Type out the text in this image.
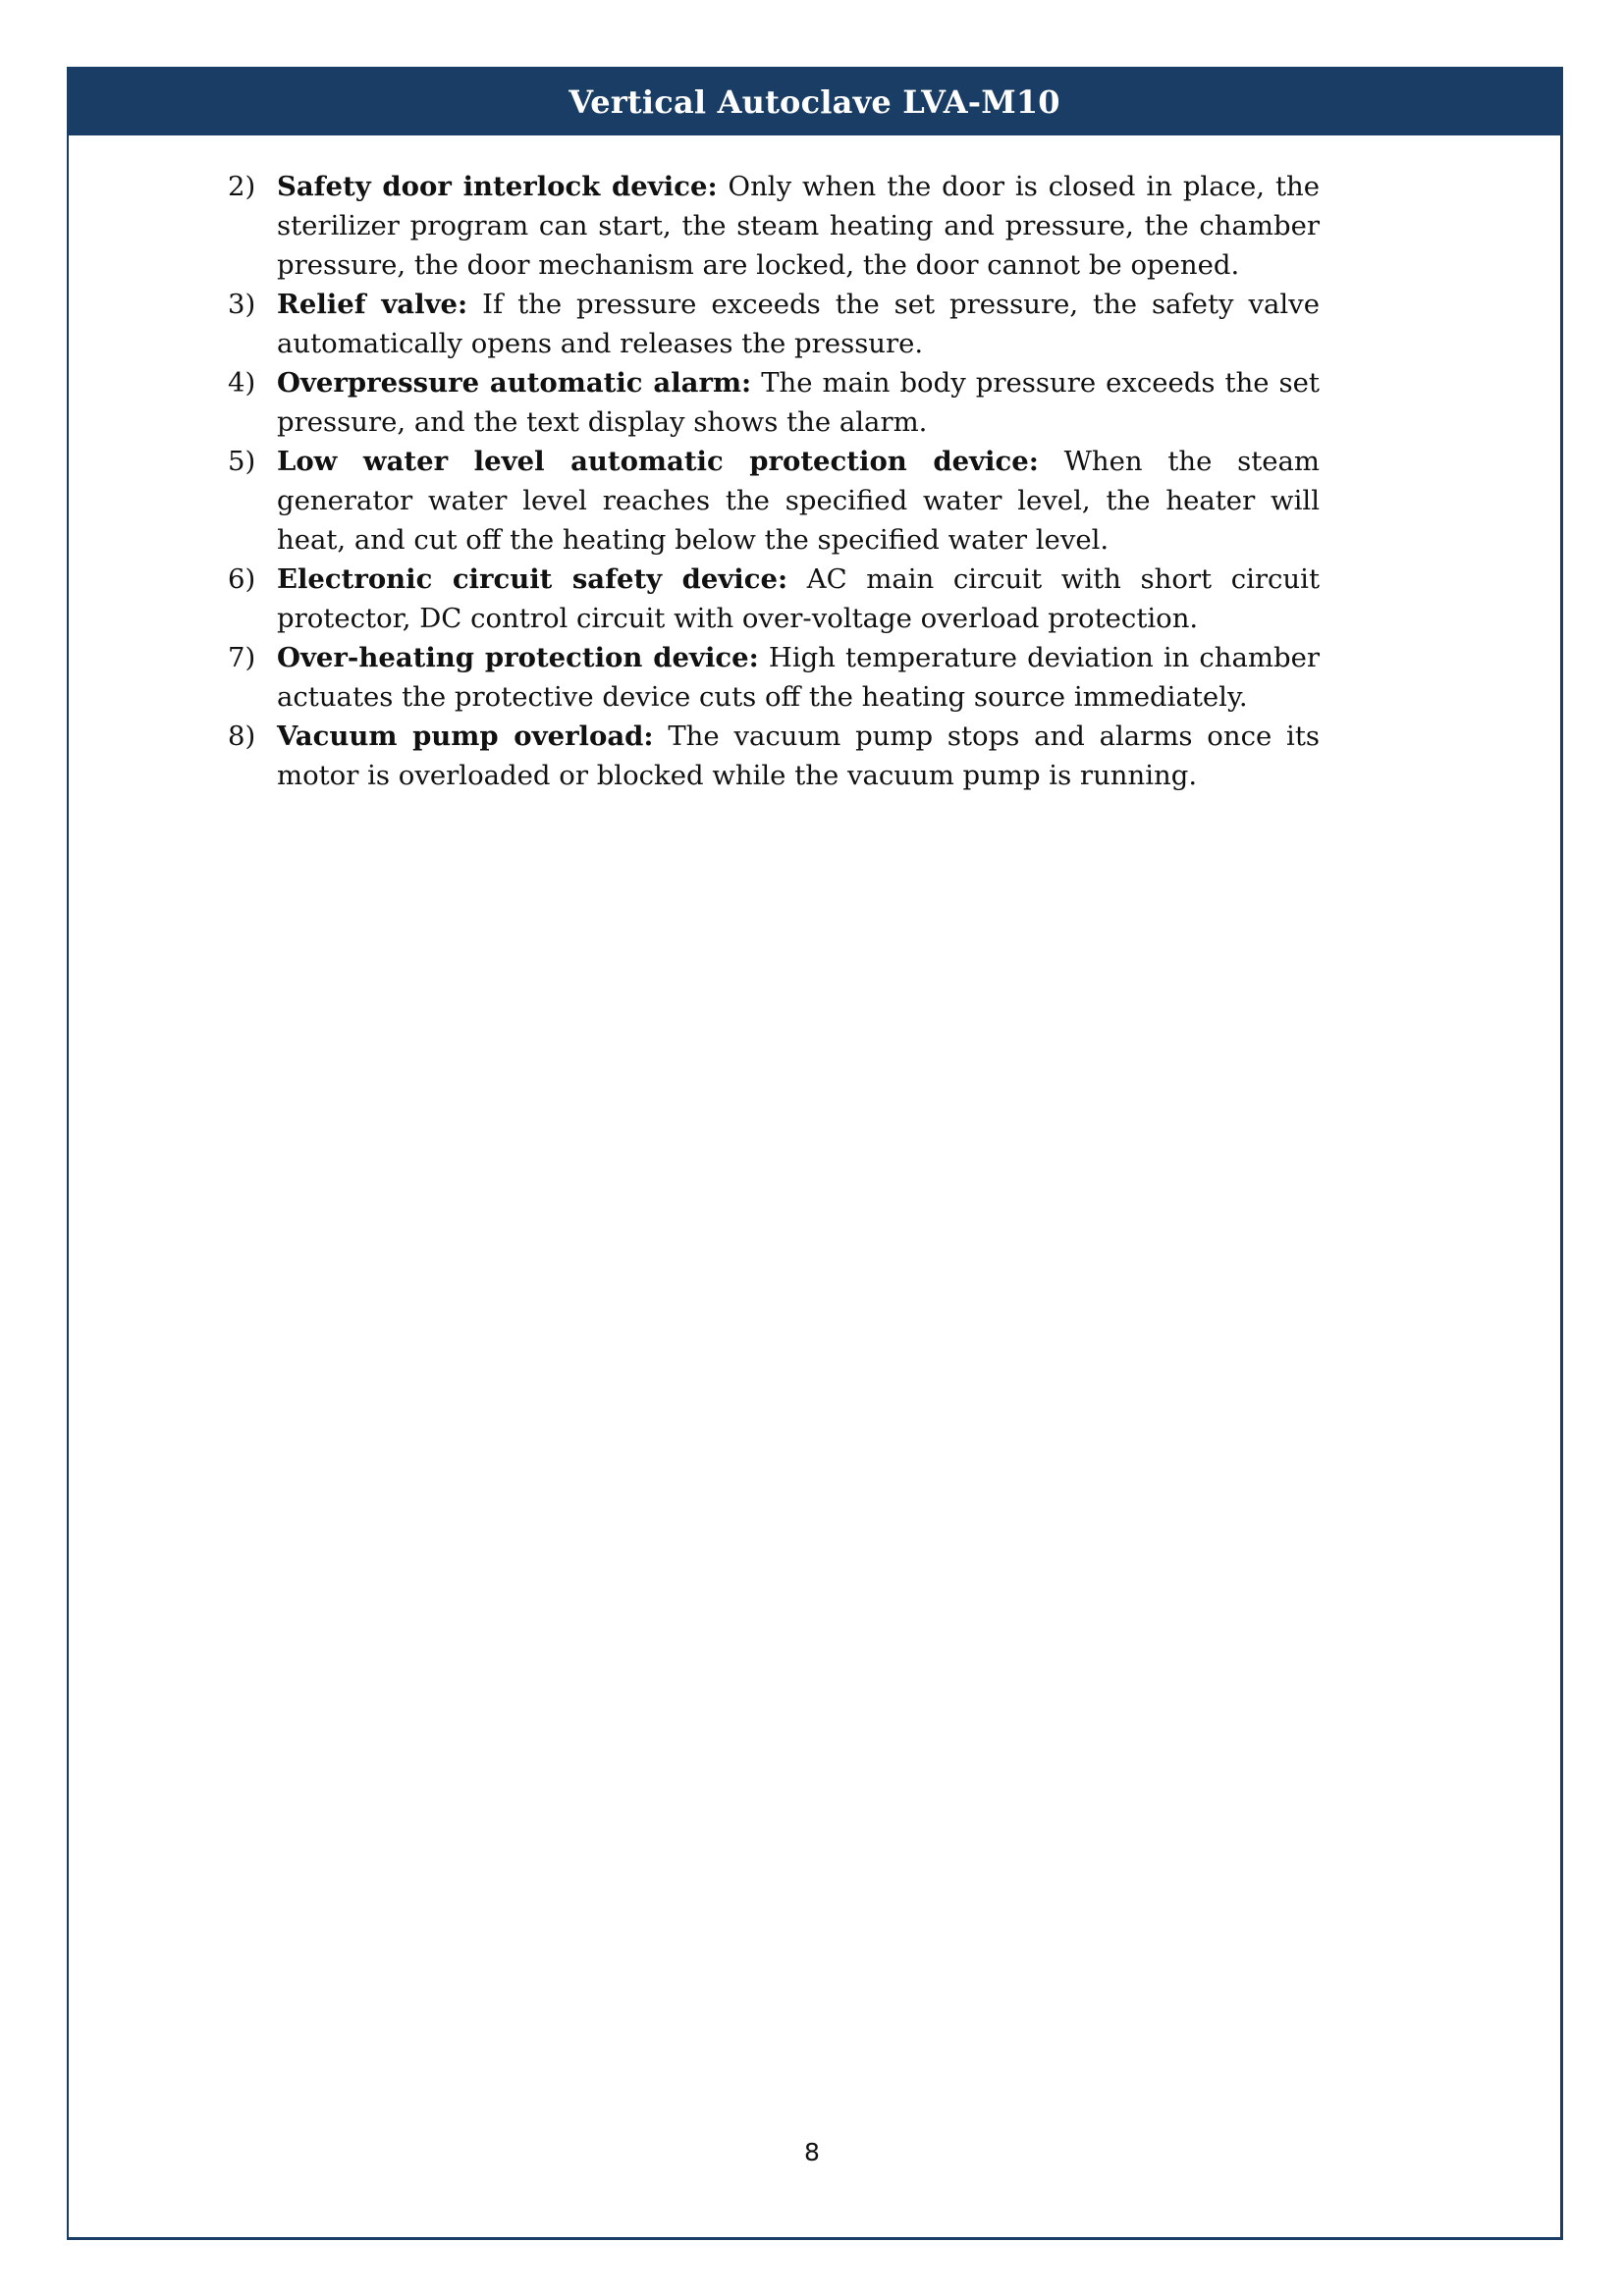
Vertical Autoclave LVA-M10
2) Safety door interlock device: Only when the door is closed in place, the sterilizer program can start, the steam heating and pressure, the chamber pressure, the door mechanism are locked, the door cannot be opened.
3) Relief valve: If the pressure exceeds the set pressure, the safety valve automatically opens and releases the pressure.
4) Overpressure automatic alarm: The main body pressure exceeds the set pressure, and the text display shows the alarm.
5) Low water level automatic protection device: When the steam generator water level reaches the specified water level, the heater will heat, and cut off the heating below the specified water level.
6) Electronic circuit safety device: AC main circuit with short circuit protector, DC control circuit with over-voltage overload protection.
7) Over-heating protection device: High temperature deviation in chamber actuates the protective device cuts off the heating source immediately.
8) Vacuum pump overload: The vacuum pump stops and alarms once its motor is overloaded or blocked while the vacuum pump is running.
8
